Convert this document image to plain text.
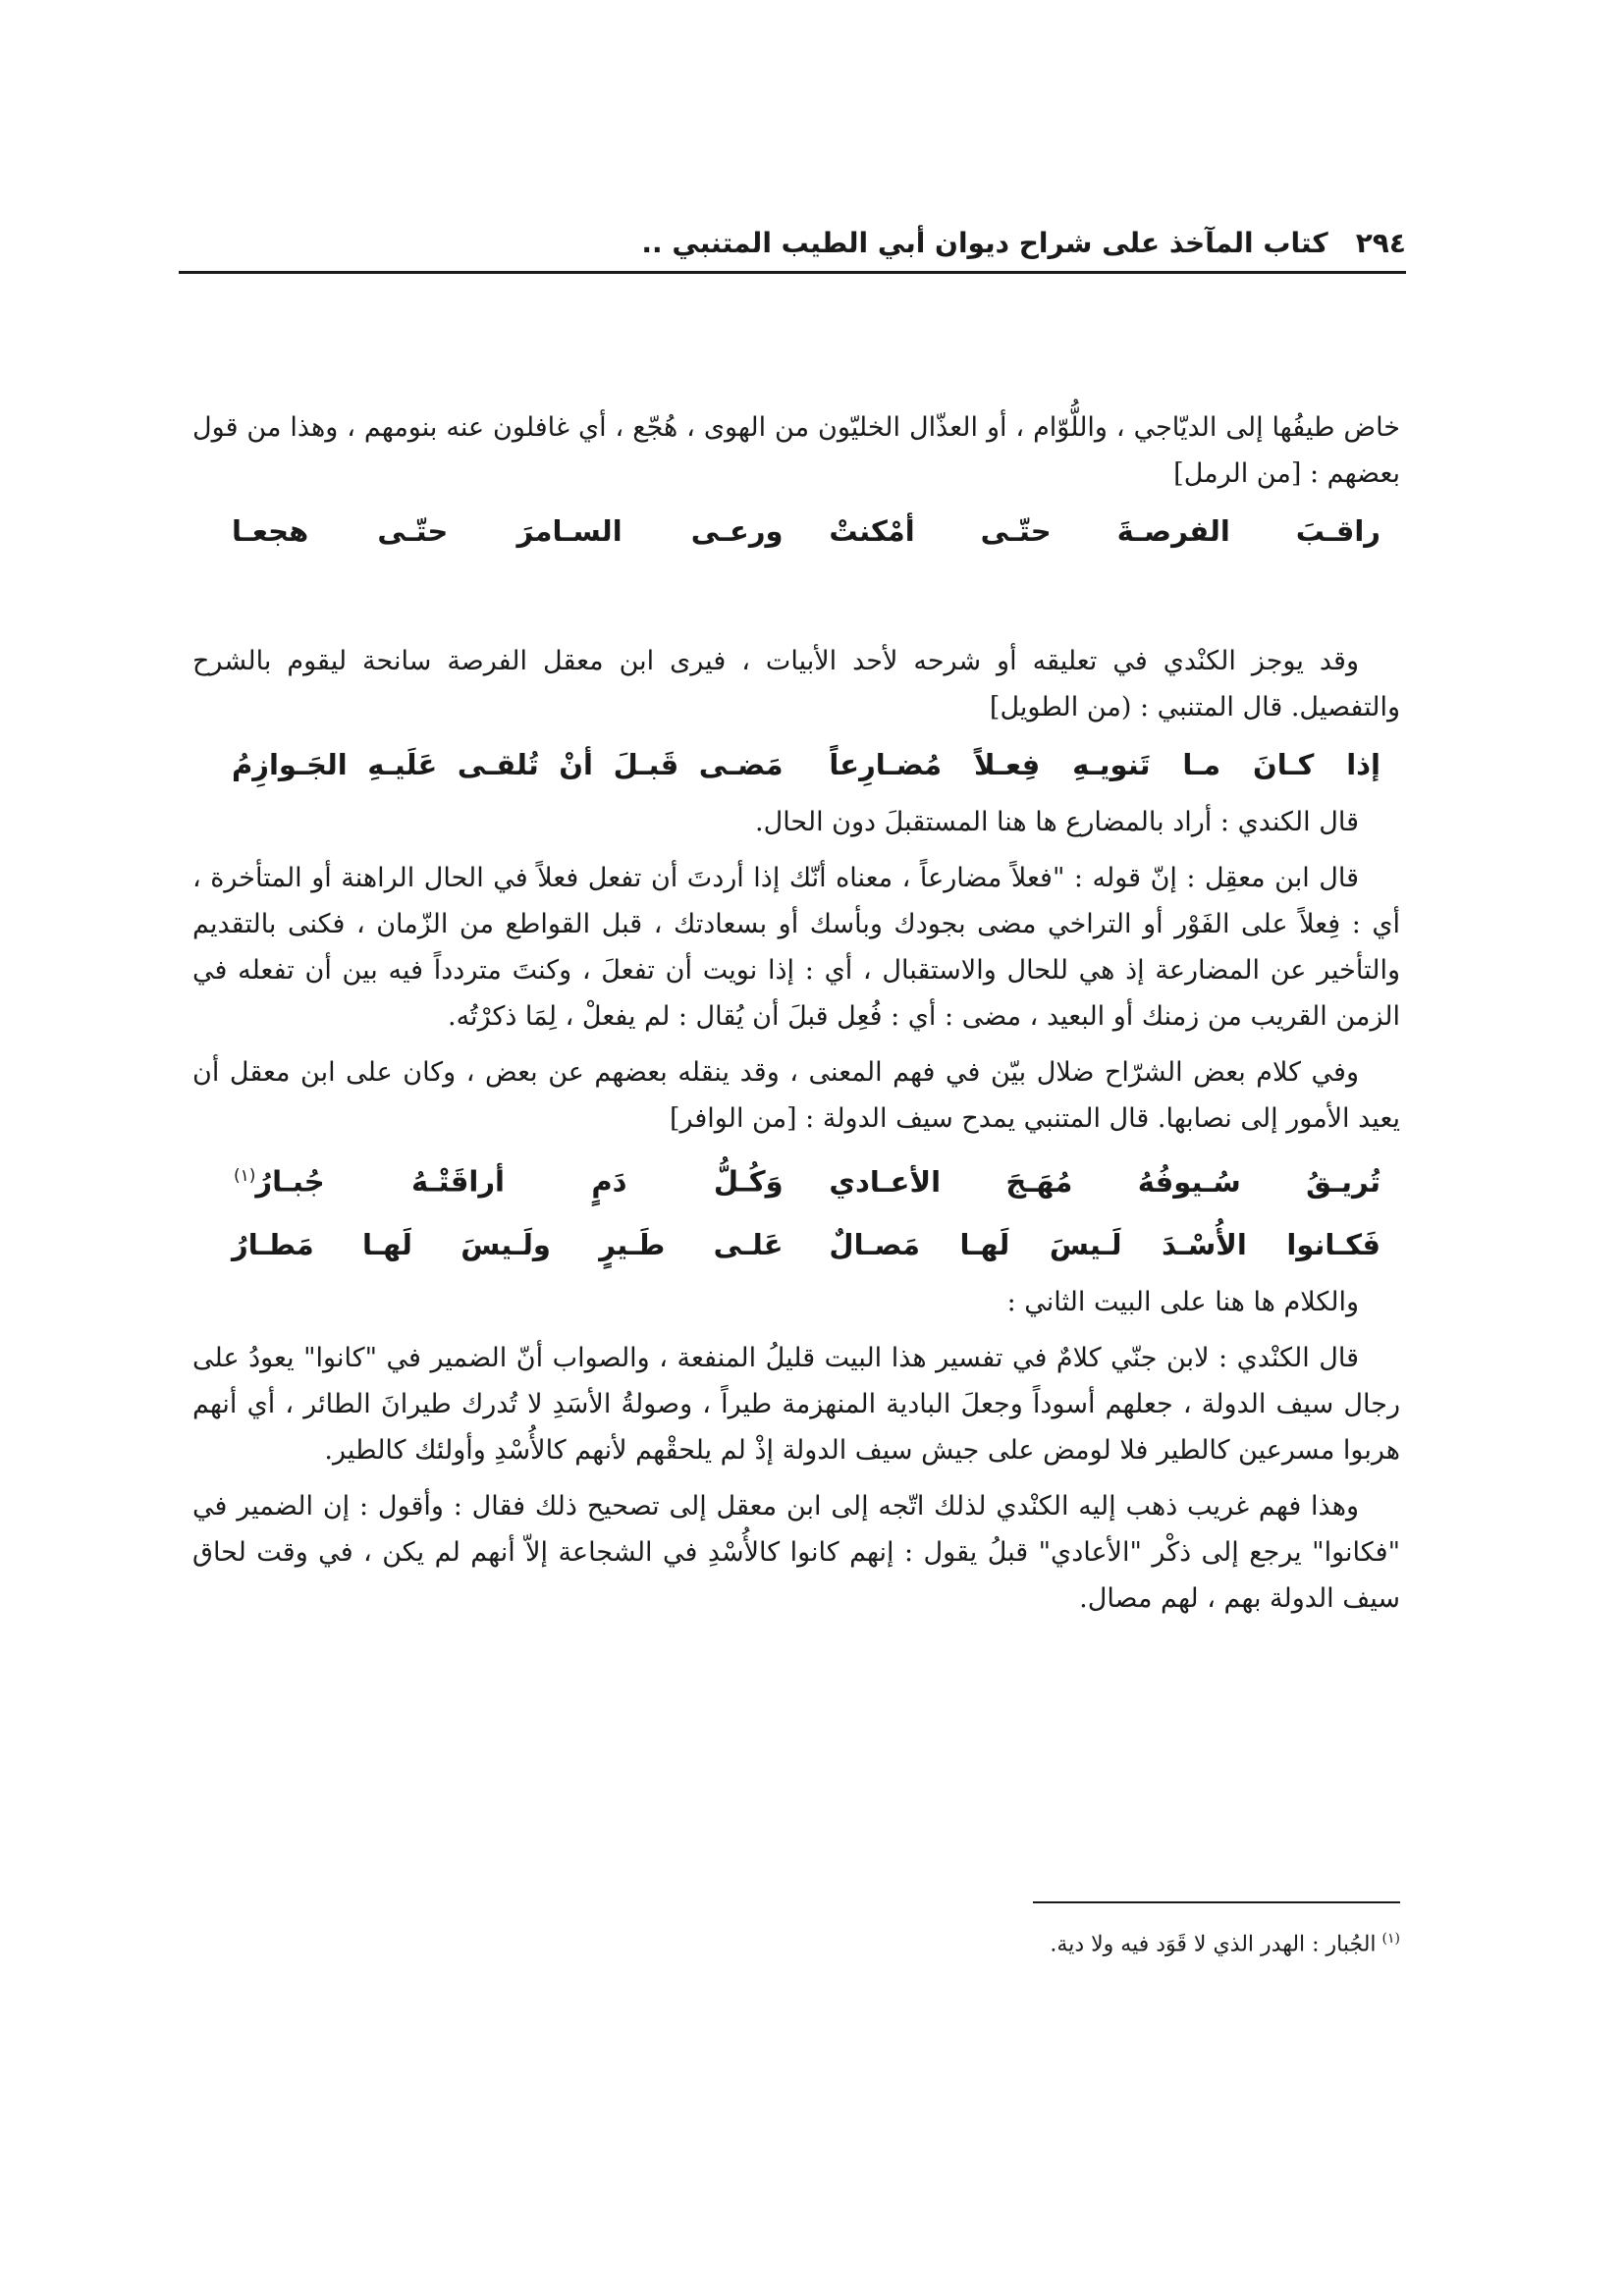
٢٩٤كتاب المآخذ على شراح ديوان أبي الطيب المتنبي ..

خاض طيفُها إلى الديّاجي ، واللُّوّام ، أو العذّال الخليّون من الهوى ، هُجّع ، أي غافلون عنه بنومهم ، وهذا من قول بعضهم : [من الرمل]

راقـبَ الفرصـةَ حتّـى أمْكنتْ
ورعـى السـامرَ حتّـى هجعـا

وقد يوجز الكنْدي في تعليقه أو شرحه لأحد الأبيات ، فيرى ابن معقل الفرصة سانحة ليقوم بالشرح والتفصيل. قال المتنبي : (من الطويل]

إذا كـانَ مـا تَنويـهِ فِعـلاً مُضـارِعاً
مَضـى قَبـلَ أنْ تُلقـى عَلَيـهِ الجَـوازِمُ

قال الكندي : أراد بالمضارع ها هنا المستقبلَ دون الحال.

قال ابن معقِل : إنّ قوله : "فعلاً مضارعاً ، معناه أنّك إذا أردتَ أن تفعل فعلاً في الحال الراهنة أو المتأخرة ، أي : فِعلاً على الفَوْر أو التراخي مضى بجودك وبأسك أو بسعادتك ، قبل القواطع من الزّمان ، فكنى بالتقديم والتأخير عن المضارعة إذ هي للحال والاستقبال ، أي : إذا نويت أن تفعلَ ، وكنتَ متردداً فيه بين أن تفعله في الزمن القريب من زمنك أو البعيد ، مضى : أي : فُعِل قبلَ أن يُقال : لم يفعلْ ، لِمَا ذكرْتُه.

وفي كلام بعض الشرّاح ضلال بيّن في فهم المعنى ، وقد ينقله بعضهم عن بعض ، وكان على ابن معقل أن يعيد الأمور إلى نصابها. قال المتنبي يمدح سيف الدولة : [من الوافر]

تُريـقُ سُـيوفُهُ مُهَـجَ الأعـادي
وَكُـلُّ دَمٍ أراقَتْـهُ جُبـارُ$^{(١)}$
فَكـانوا الأُسْـدَ لَـيسَ لَهـا مَصـالٌ
عَلـى طَـيرٍ ولَـيسَ لَهـا مَطـارُ

والكلام ها هنا على البيت الثاني :

قال الكنْدي : لابن جنّي كلامٌ في تفسير هذا البيت قليلُ المنفعة ، والصواب أنّ الضمير في "كانوا" يعودُ على رجال سيف الدولة ، جعلهم أسوداً وجعلَ البادية المنهزمة طيراً ، وصولةُ الأسَدِ لا تُدرك طيرانَ الطائر ، أي أنهم هربوا مسرعين كالطير فلا لومض على جيش سيف الدولة إذْ لم يلحقْهم لأنهم كالأُسْدِ وأولئك كالطير.

وهذا فهم غريب ذهب إليه الكنْدي لذلك اتّجه إلى ابن معقل إلى تصحيح ذلك فقال : وأقول : إن الضمير في "فكانوا" يرجع إلى ذكْر "الأعادي" قبلُ يقول : إنهم كانوا كالأُسْدِ في الشجاعة إلاّ أنهم لم يكن ، في وقت لحاق سيف الدولة بهم ، لهم مصال.

$^{(١)}$الجُبار : الهدر الذي لا قَوَد فيه ولا دية.
